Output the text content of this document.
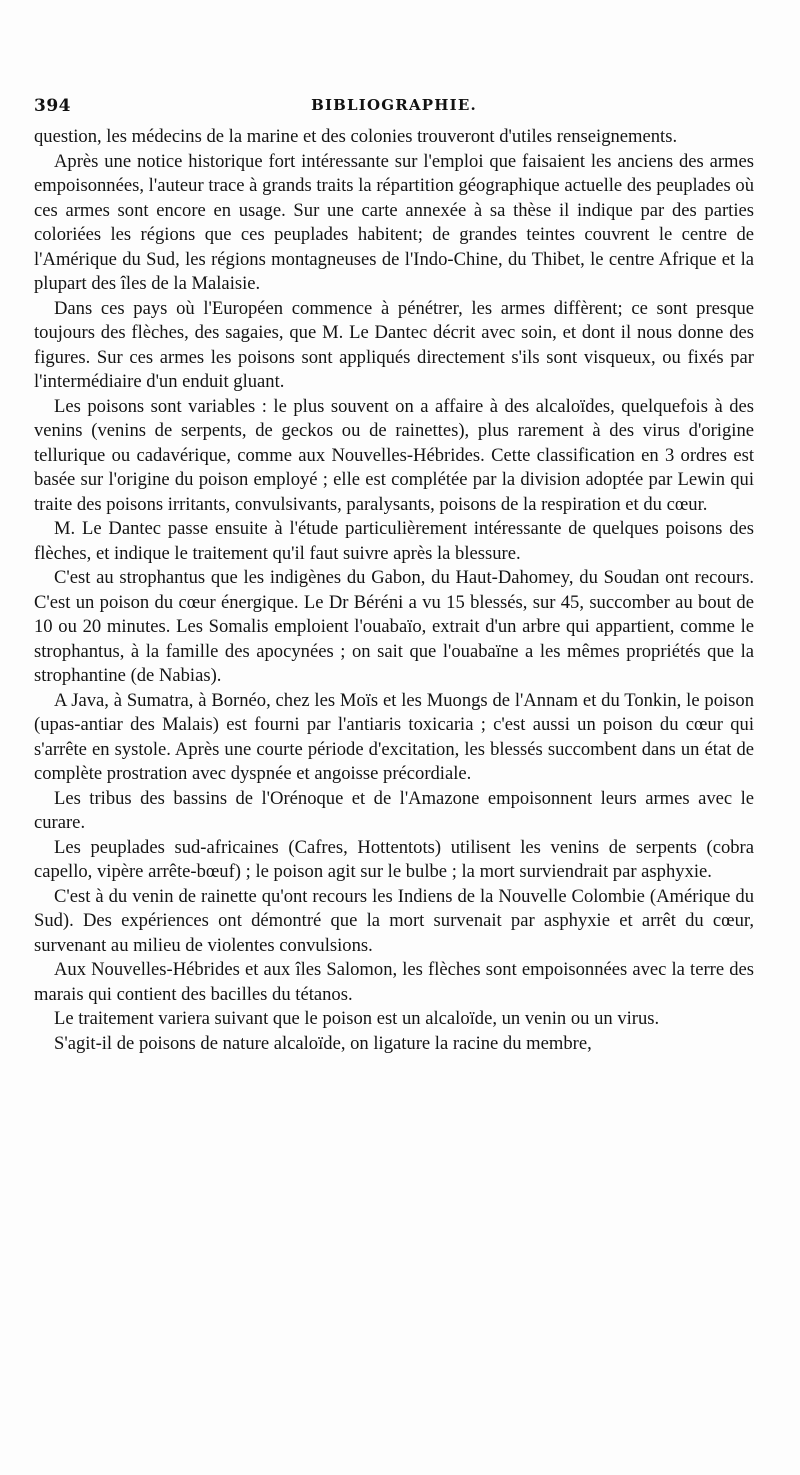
394	BIBLIOGRAPHIE.

question, les médecins de la marine et des colonies trouveront d'utiles renseignements.

Après une notice historique fort intéressante sur l'emploi que faisaient les anciens des armes empoisonnées, l'auteur trace à grands traits la répartition géographique actuelle des peuplades où ces armes sont encore en usage. Sur une carte annexée à sa thèse il indique par des parties coloriées les régions que ces peuplades habitent; de grandes teintes couvrent le centre de l'Amérique du Sud, les régions montagneuses de l'Indo-Chine, du Thibet, le centre Afrique et la plupart des îles de la Malaisie.

Dans ces pays où l'Européen commence à pénétrer, les armes diffèrent; ce sont presque toujours des flèches, des sagaies, que M. Le Dantec décrit avec soin, et dont il nous donne des figures. Sur ces armes les poisons sont appliqués directement s'ils sont visqueux, ou fixés par l'intermédiaire d'un enduit gluant.

Les poisons sont variables : le plus souvent on a affaire à des alcaloïdes, quelquefois à des venins (venins de serpents, de geckos ou de rainettes), plus rarement à des virus d'origine tellurique ou cadavérique, comme aux Nouvelles-Hébrides. Cette classification en 3 ordres est basée sur l'origine du poison employé ; elle est complétée par la division adoptée par Lewin qui traite des poisons irritants, convulsivants, paralysants, poisons de la respiration et du cœur.

M. Le Dantec passe ensuite à l'étude particulièrement intéressante de quelques poisons des flèches, et indique le traitement qu'il faut suivre après la blessure.

C'est au strophantus que les indigènes du Gabon, du Haut-Dahomey, du Soudan ont recours. C'est un poison du cœur énergique. Le Dr Béréni a vu 15 blessés, sur 45, succomber au bout de 10 ou 20 minutes. Les Somalis emploient l'ouabaïo, extrait d'un arbre qui appartient, comme le strophantus, à la famille des apocynées ; on sait que l'ouabaïne a les mêmes propriétés que la strophantine (de Nabias).

A Java, à Sumatra, à Bornéo, chez les Moïs et les Muongs de l'Annam et du Tonkin, le poison (upas-antiar des Malais) est fourni par l'antiaris toxicaria ; c'est aussi un poison du cœur qui s'arrête en systole. Après une courte période d'excitation, les blessés succombent dans un état de complète prostration avec dyspnée et angoisse précordiale.

Les tribus des bassins de l'Orénoque et de l'Amazone empoisonnent leurs armes avec le curare.

Les peuplades sud-africaines (Cafres, Hottentots) utilisent les venins de serpents (cobra capello, vipère arrête-bœuf) ; le poison agit sur le bulbe ; la mort surviendrait par asphyxie.

C'est à du venin de rainette qu'ont recours les Indiens de la Nouvelle Colombie (Amérique du Sud). Des expériences ont démontré que la mort survenait par asphyxie et arrêt du cœur, survenant au milieu de violentes convulsions.

Aux Nouvelles-Hébrides et aux îles Salomon, les flèches sont empoisonnées avec la terre des marais qui contient des bacilles du tétanos.

Le traitement variera suivant que le poison est un alcaloïde, un venin ou un virus.

S'agit-il de poisons de nature alcaloïde, on ligature la racine du membre,
